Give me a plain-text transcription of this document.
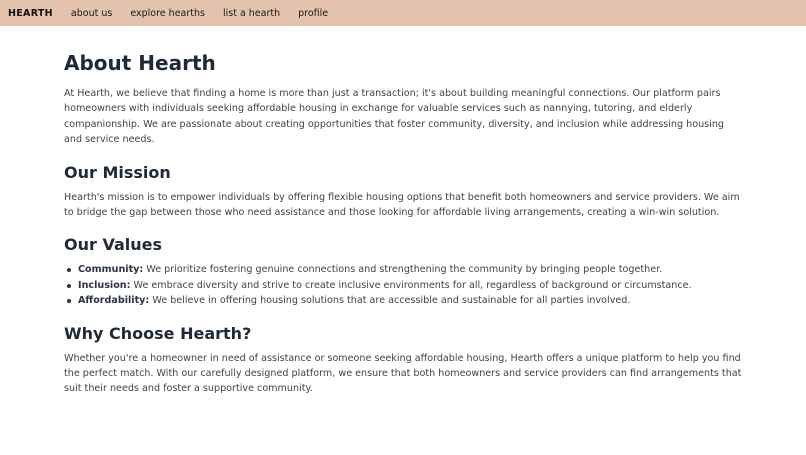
HEARTH about us explore hearths list a hearth profile
About Hearth

At Hearth, we believe that finding a home is more than just a transaction; it's about building meaningful connections. Our platform pairs homeowners with individuals seeking affordable housing in exchange for valuable services such as nannying, tutoring, and elderly companionship. We are passionate about creating opportunities that foster community, diversity, and inclusion while addressing housing and service needs.

Our Mission

Hearth's mission is to empower individuals by offering flexible housing options that benefit both homeowners and service providers. We aim to bridge the gap between those who need assistance and those looking for affordable living arrangements, creating a win-win solution.

Our Values
Community: We prioritize fostering genuine connections and strengthening the community by bringing people together.
Inclusion: We embrace diversity and strive to create inclusive environments for all, regardless of background or circumstance.
Affordability: We believe in offering housing solutions that are accessible and sustainable for all parties involved.
Why Choose Hearth?

Whether you're a homeowner in need of assistance or someone seeking affordable housing, Hearth offers a unique platform to help you find the perfect match. With our carefully designed platform, we ensure that both homeowners and service providers can find arrangements that suit their needs and foster a supportive community.
